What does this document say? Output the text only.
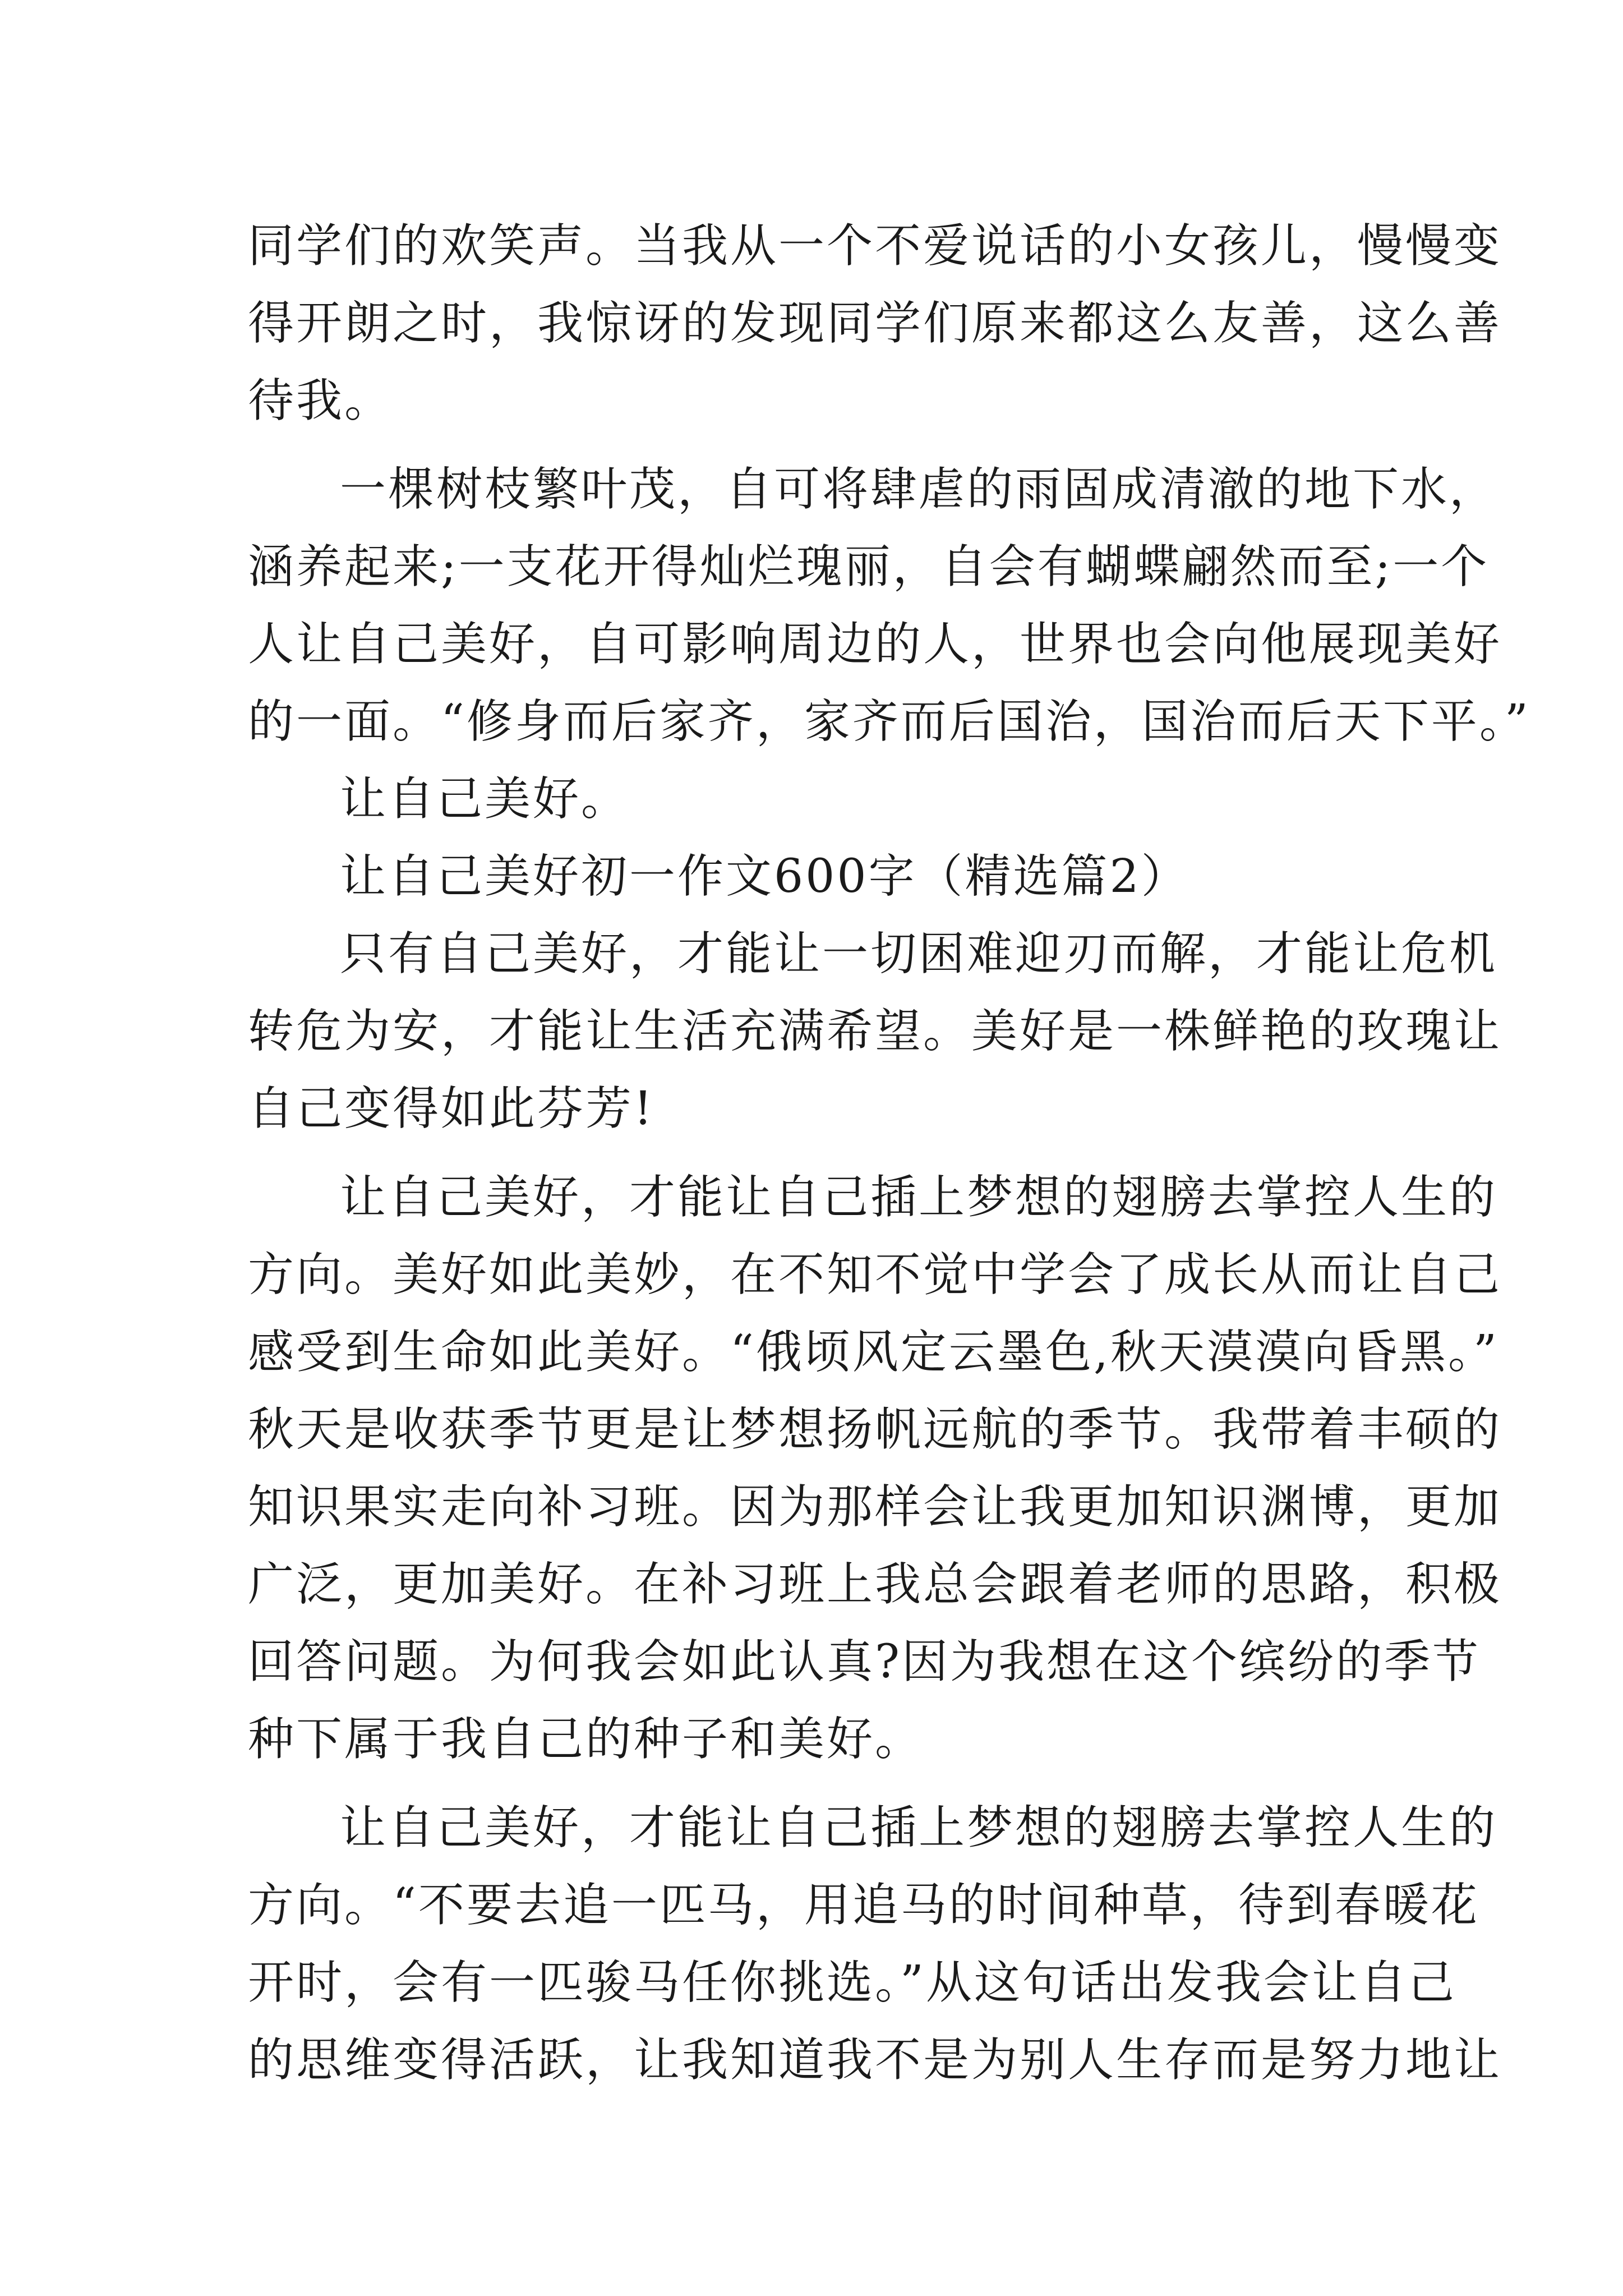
同学们的欢笑声。当我从一个不爱说话的小女孩儿，慢慢变
得开朗之时，我惊讶的发现同学们原来都这么友善，这么善
待我。
一棵树枝繁叶茂，自可将肆虐的雨固成清澈的地下水，
涵养起来;一支花开得灿烂瑰丽，自会有蝴蝶翩然而至;一个
人让自己美好，自可影响周边的人，世界也会向他展现美好
的一面。“修身而后家齐，家齐而后国治，国治而后天下平。”
让自己美好。
让自己美好初一作文600字（精选篇2）
只有自己美好，才能让一切困难迎刃而解，才能让危机
转危为安，才能让生活充满希望。美好是一株鲜艳的玫瑰让
自己变得如此芬芳!
让自己美好，才能让自己插上梦想的翅膀去掌控人生的
方向。美好如此美妙，在不知不觉中学会了成长从而让自己
感受到生命如此美好。“俄顷风定云墨色,秋天漠漠向昏黑。”
秋天是收获季节更是让梦想扬帆远航的季节。我带着丰硕的
知识果实走向补习班。因为那样会让我更加知识渊博，更加
广泛，更加美好。在补习班上我总会跟着老师的思路，积极
回答问题。为何我会如此认真?因为我想在这个缤纷的季节
种下属于我自己的种子和美好。
让自己美好，才能让自己插上梦想的翅膀去掌控人生的
方向。“不要去追一匹马，用追马的时间种草，待到春暖花
开时，会有一匹骏马任你挑选。”从这句话出发我会让自己
的思维变得活跃，让我知道我不是为别人生存而是努力地让
